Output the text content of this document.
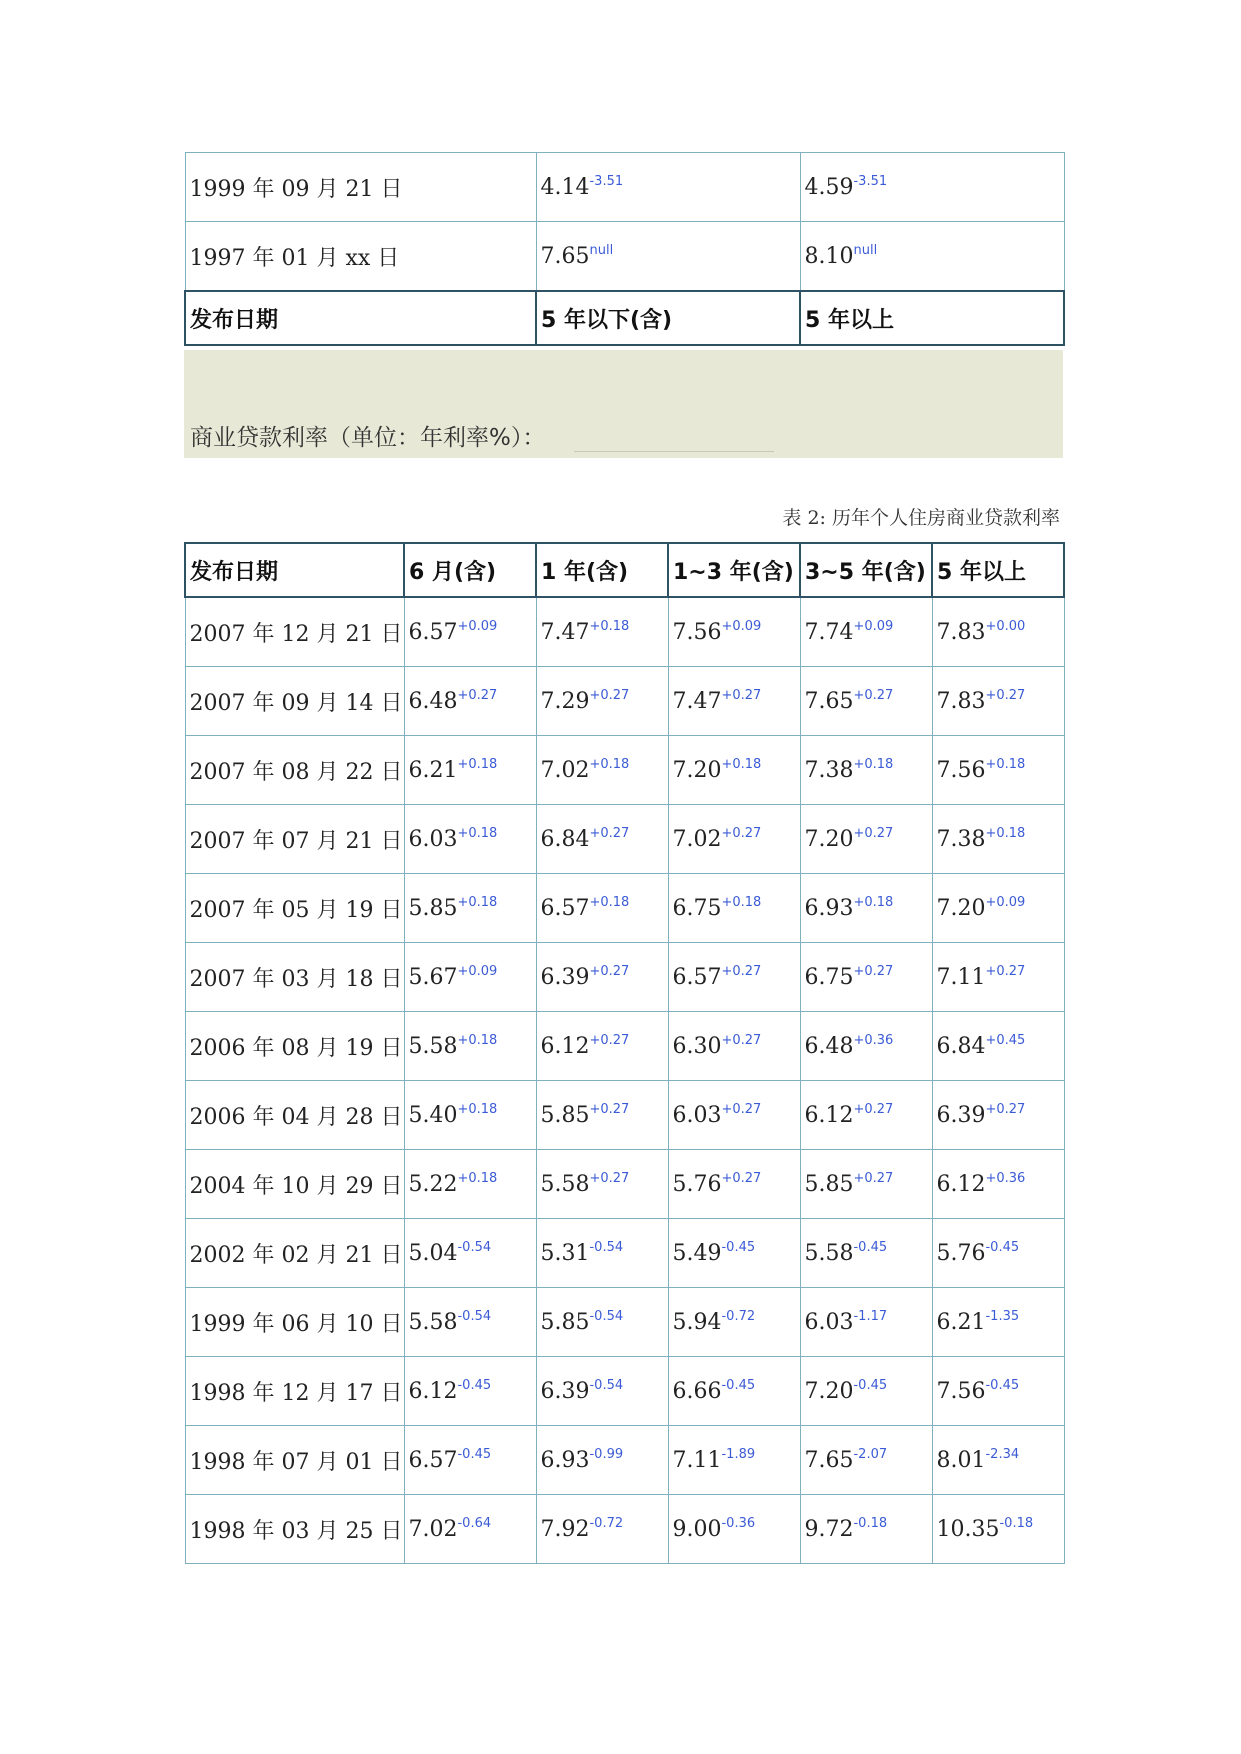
1999 年 09 月 21 日	$4.14^{-3.51}$	$4.59^{-3.51}$
1997 年 01 月 xx 日	$7.65^{null}$	$8.10^{null}$
发布日期	5 年以下(含)	5 年以上
商业贷款利率（单位：年利率%）：
表 2: 历年个人住房商业贷款利率
发布日期	6 月(含)	1 年(含)	1~3 年(含)	3~5 年(含)	5 年以上
2007 年 12 月 21 日	$6.57^{+0.09}$	$7.47^{+0.18}$	$7.56^{+0.09}$	$7.74^{+0.09}$	$7.83^{+0.00}$
2007 年 09 月 14 日	$6.48^{+0.27}$	$7.29^{+0.27}$	$7.47^{+0.27}$	$7.65^{+0.27}$	$7.83^{+0.27}$
2007 年 08 月 22 日	$6.21^{+0.18}$	$7.02^{+0.18}$	$7.20^{+0.18}$	$7.38^{+0.18}$	$7.56^{+0.18}$
2007 年 07 月 21 日	$6.03^{+0.18}$	$6.84^{+0.27}$	$7.02^{+0.27}$	$7.20^{+0.27}$	$7.38^{+0.18}$
2007 年 05 月 19 日	$5.85^{+0.18}$	$6.57^{+0.18}$	$6.75^{+0.18}$	$6.93^{+0.18}$	$7.20^{+0.09}$
2007 年 03 月 18 日	$5.67^{+0.09}$	$6.39^{+0.27}$	$6.57^{+0.27}$	$6.75^{+0.27}$	$7.11^{+0.27}$
2006 年 08 月 19 日	$5.58^{+0.18}$	$6.12^{+0.27}$	$6.30^{+0.27}$	$6.48^{+0.36}$	$6.84^{+0.45}$
2006 年 04 月 28 日	$5.40^{+0.18}$	$5.85^{+0.27}$	$6.03^{+0.27}$	$6.12^{+0.27}$	$6.39^{+0.27}$
2004 年 10 月 29 日	$5.22^{+0.18}$	$5.58^{+0.27}$	$5.76^{+0.27}$	$5.85^{+0.27}$	$6.12^{+0.36}$
2002 年 02 月 21 日	$5.04^{-0.54}$	$5.31^{-0.54}$	$5.49^{-0.45}$	$5.58^{-0.45}$	$5.76^{-0.45}$
1999 年 06 月 10 日	$5.58^{-0.54}$	$5.85^{-0.54}$	$5.94^{-0.72}$	$6.03^{-1.17}$	$6.21^{-1.35}$
1998 年 12 月 17 日	$6.12^{-0.45}$	$6.39^{-0.54}$	$6.66^{-0.45}$	$7.20^{-0.45}$	$7.56^{-0.45}$
1998 年 07 月 01 日	$6.57^{-0.45}$	$6.93^{-0.99}$	$7.11^{-1.89}$	$7.65^{-2.07}$	$8.01^{-2.34}$
1998 年 03 月 25 日	$7.02^{-0.64}$	$7.92^{-0.72}$	$9.00^{-0.36}$	$9.72^{-0.18}$	$10.35^{-0.18}$
